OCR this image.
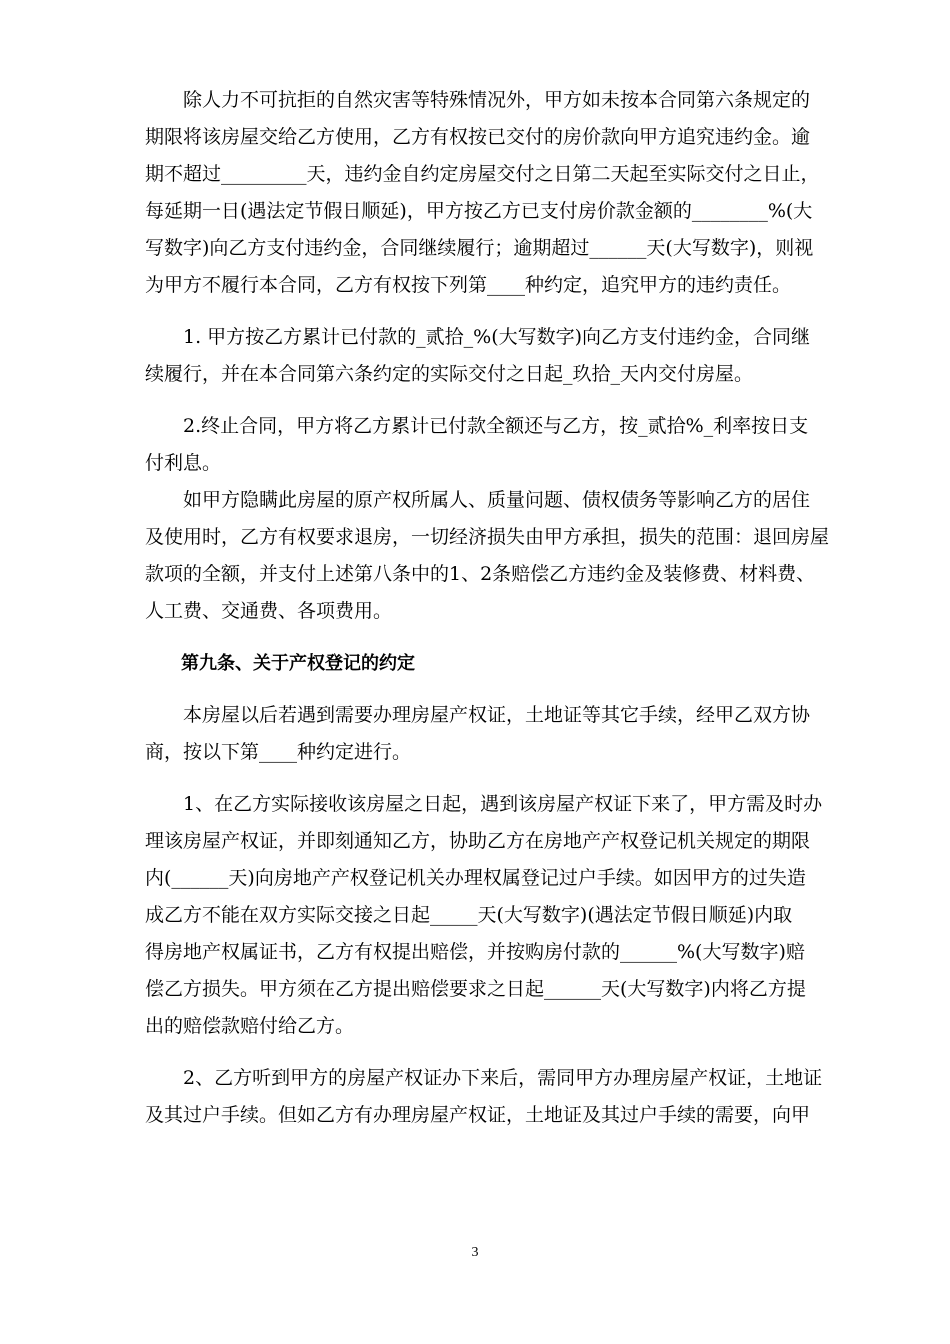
除人力不可抗拒的自然灾害等特殊情况外，甲方如未按本合同第六条规定的
期限将该房屋交给乙方使用，乙方有权按已交付的房价款向甲方追究违约金。逾
期不超过_________天，违约金自约定房屋交付之日第二天起至实际交付之日止，
每延期一日(遇法定节假日顺延)，甲方按乙方已支付房价款金额的________%(大
写数字)向乙方支付违约金，合同继续履行；逾期超过______天(大写数字)，则视
为甲方不履行本合同，乙方有权按下列第____种约定，追究甲方的违约责任。

1. 甲方按乙方累计已付款的_贰拾_%(大写数字)向乙方支付违约金，合同继
续履行，并在本合同第六条约定的实际交付之日起_玖拾_天内交付房屋。

2.终止合同，甲方将乙方累计已付款全额还与乙方，按_贰拾%_利率按日支
付利息。

如甲方隐瞒此房屋的原产权所属人、质量问题、债权债务等影响乙方的居住
及使用时，乙方有权要求退房，一切经济损失由甲方承担，损失的范围：退回房屋
款项的全额，并支付上述第八条中的1、2条赔偿乙方违约金及装修费、材料费、
人工费、交通费、各项费用。

第九条、关于产权登记的约定

本房屋以后若遇到需要办理房屋产权证，土地证等其它手续，经甲乙双方协
商，按以下第____种约定进行。

1、在乙方实际接收该房屋之日起，遇到该房屋产权证下来了，甲方需及时办
理该房屋产权证，并即刻通知乙方，协助乙方在房地产产权登记机关规定的期限
内(______天)向房地产产权登记机关办理权属登记过户手续。如因甲方的过失造
成乙方不能在双方实际交接之日起_____天(大写数字)(遇法定节假日顺延)内取
得房地产权属证书，乙方有权提出赔偿，并按购房付款的______%(大写数字)赔
偿乙方损失。甲方须在乙方提出赔偿要求之日起______天(大写数字)内将乙方提
出的赔偿款赔付给乙方。

2、乙方听到甲方的房屋产权证办下来后，需同甲方办理房屋产权证，土地证
及其过户手续。但如乙方有办理房屋产权证，土地证及其过户手续的需要，向甲

3
